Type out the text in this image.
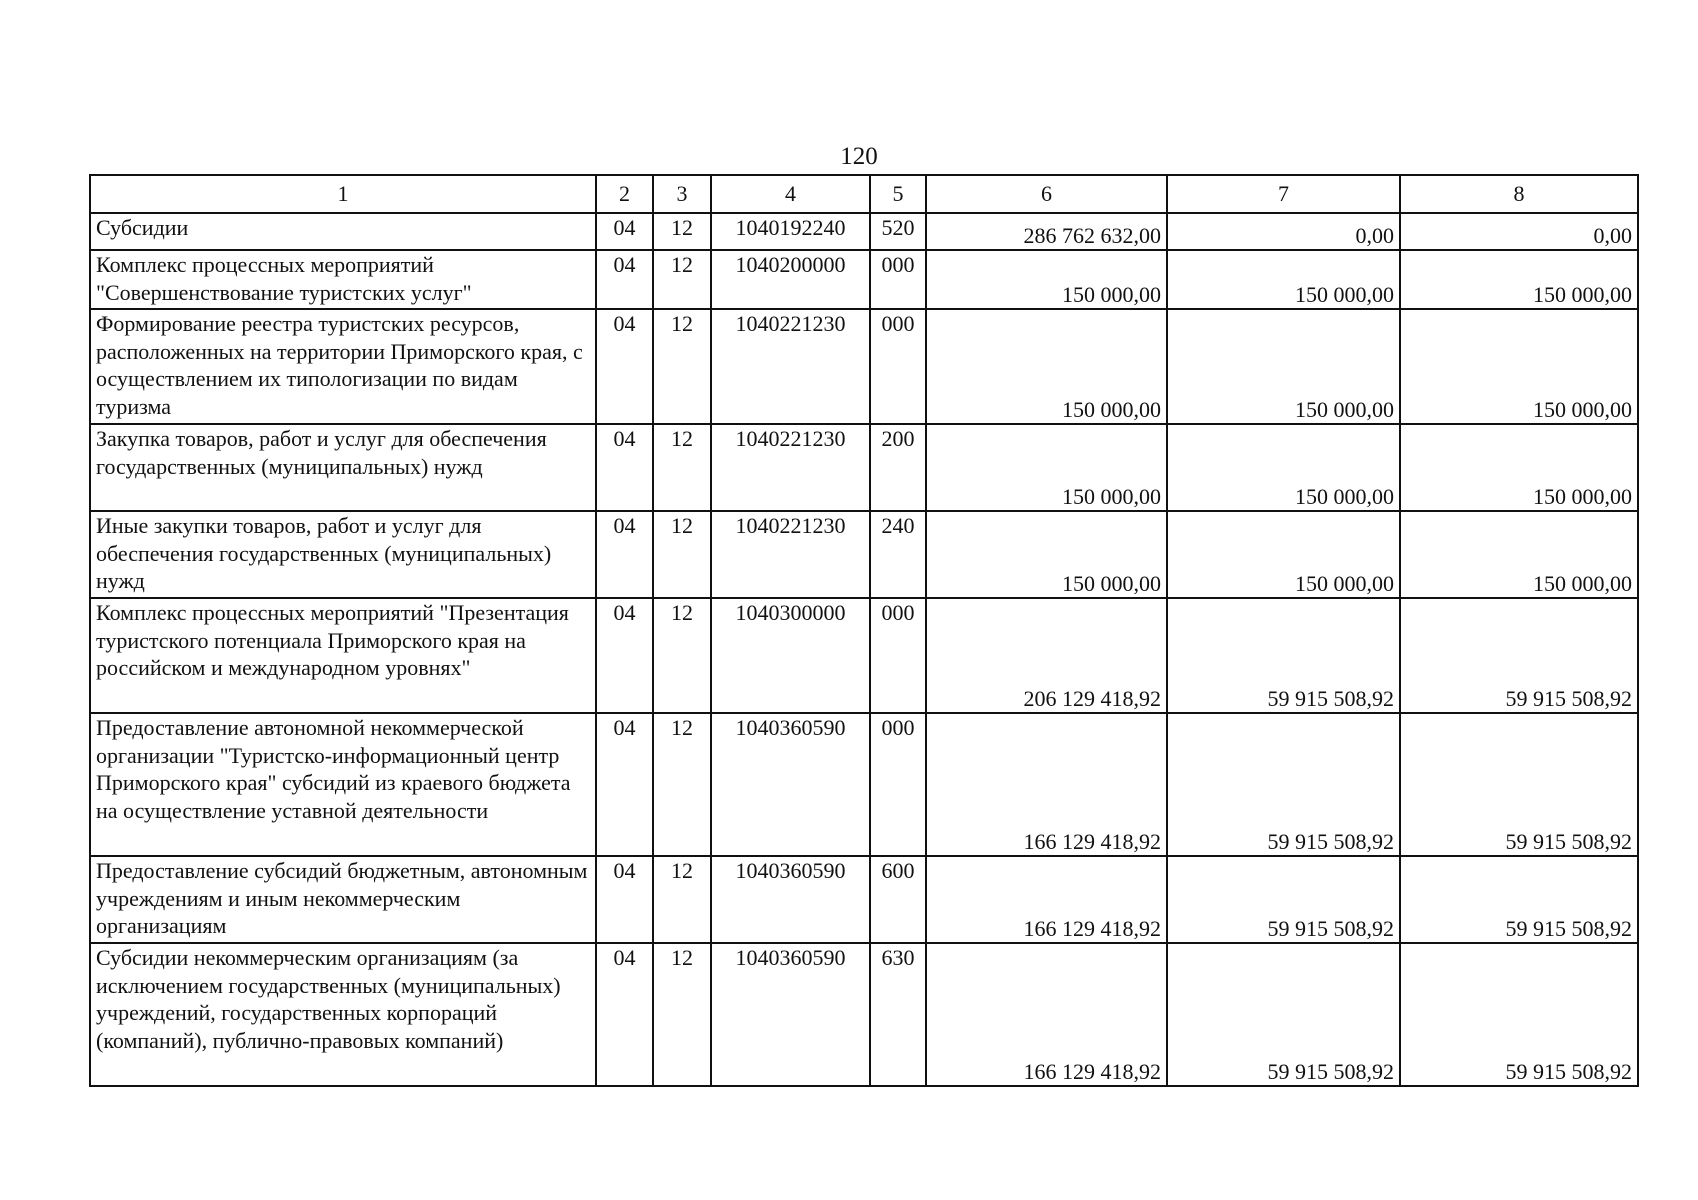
120
1	2	3	4	5	6	7	8
Субсидии	04	12	1040192240	520	286 762 632,00	0,00	0,00
Комплекс процессных мероприятий "Совершенствование туристских услуг"	04	12	1040200000	000	150 000,00	150 000,00	150 000,00
Формирование реестра туристских ресурсов, расположенных на территории Приморского края, с осуществлением их типологизации по видам туризма	04	12	1040221230	000	150 000,00	150 000,00	150 000,00
Закупка товаров, работ и услуг для обеспечения государственных (муниципальных) нужд	04	12	1040221230	200	150 000,00	150 000,00	150 000,00
Иные закупки товаров, работ и услуг для обеспечения государственных (муниципальных) нужд	04	12	1040221230	240	150 000,00	150 000,00	150 000,00
Комплекс процессных мероприятий "Презентация туристского потенциала Приморского края на российском и международном уровнях"	04	12	1040300000	000	206 129 418,92	59 915 508,92	59 915 508,92
Предоставление автономной некоммерческой организации "Туристско-информационный центр Приморского края" субсидий из краевого бюджета на осуществление уставной деятельности	04	12	1040360590	000	166 129 418,92	59 915 508,92	59 915 508,92
Предоставление субсидий бюджетным, автономным учреждениям и иным некоммерческим организациям	04	12	1040360590	600	166 129 418,92	59 915 508,92	59 915 508,92
Субсидии некоммерческим организациям (за исключением государственных (муниципальных) учреждений, государственных корпораций (компаний), публично-правовых компаний)	04	12	1040360590	630	166 129 418,92	59 915 508,92	59 915 508,92
